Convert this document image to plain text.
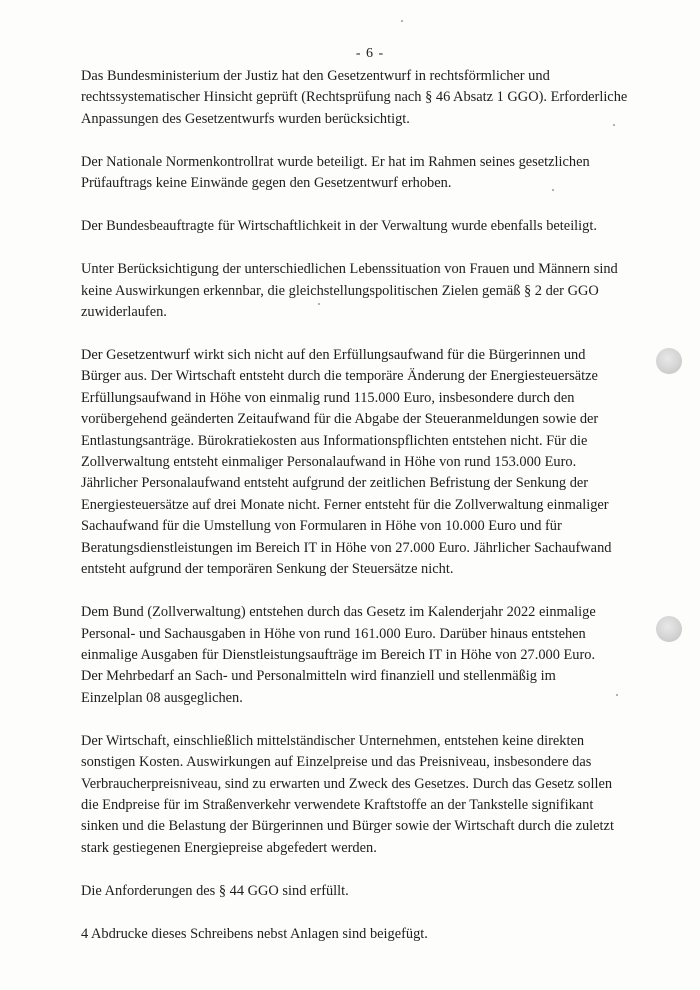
- 6 -

Das Bundesministerium der Justiz hat den Gesetzentwurf in rechtsförmlicher und
rechtssystematischer Hinsicht geprüft (Rechtsprüfung nach § 46 Absatz 1 GGO). Erforderliche
Anpassungen des Gesetzentwurfs wurden berücksichtigt.

Der Nationale Normenkontrollrat wurde beteiligt. Er hat im Rahmen seines gesetzlichen
Prüfauftrags keine Einwände gegen den Gesetzentwurf erhoben.

Der Bundesbeauftragte für Wirtschaftlichkeit in der Verwaltung wurde ebenfalls beteiligt.

Unter Berücksichtigung der unterschiedlichen Lebenssituation von Frauen und Männern sind
keine Auswirkungen erkennbar, die gleichstellungspolitischen Zielen gemäß § 2 der GGO
zuwiderlaufen.

Der Gesetzentwurf wirkt sich nicht auf den Erfüllungsaufwand für die Bürgerinnen und
Bürger aus. Der Wirtschaft entsteht durch die temporäre Änderung der Energiesteuersätze
Erfüllungsaufwand in Höhe von einmalig rund 115.000 Euro, insbesondere durch den
vorübergehend geänderten Zeitaufwand für die Abgabe der Steueranmeldungen sowie der
Entlastungsanträge. Bürokratiekosten aus Informationspflichten entstehen nicht. Für die
Zollverwaltung entsteht einmaliger Personalaufwand in Höhe von rund 153.000 Euro.
Jährlicher Personalaufwand entsteht aufgrund der zeitlichen Befristung der Senkung der
Energiesteuersätze auf drei Monate nicht. Ferner entsteht für die Zollverwaltung einmaliger
Sachaufwand für die Umstellung von Formularen in Höhe von 10.000 Euro und für
Beratungsdienstleistungen im Bereich IT in Höhe von 27.000 Euro. Jährlicher Sachaufwand
entsteht aufgrund der temporären Senkung der Steuersätze nicht.

Dem Bund (Zollverwaltung) entstehen durch das Gesetz im Kalenderjahr 2022 einmalige
Personal- und Sachausgaben in Höhe von rund 161.000 Euro. Darüber hinaus entstehen
einmalige Ausgaben für Dienstleistungsaufträge im Bereich IT in Höhe von 27.000 Euro.
Der Mehrbedarf an Sach- und Personalmitteln wird finanziell und stellenmäßig im
Einzelplan 08 ausgeglichen.

Der Wirtschaft, einschließlich mittelständischer Unternehmen, entstehen keine direkten
sonstigen Kosten. Auswirkungen auf Einzelpreise und das Preisniveau, insbesondere das
Verbraucherpreisniveau, sind zu erwarten und Zweck des Gesetzes. Durch das Gesetz sollen
die Endpreise für im Straßenverkehr verwendete Kraftstoffe an der Tankstelle signifikant
sinken und die Belastung der Bürgerinnen und Bürger sowie der Wirtschaft durch die zuletzt
stark gestiegenen Energiepreise abgefedert werden.

Die Anforderungen des § 44 GGO sind erfüllt.

4 Abdrucke dieses Schreibens nebst Anlagen sind beigefügt.
